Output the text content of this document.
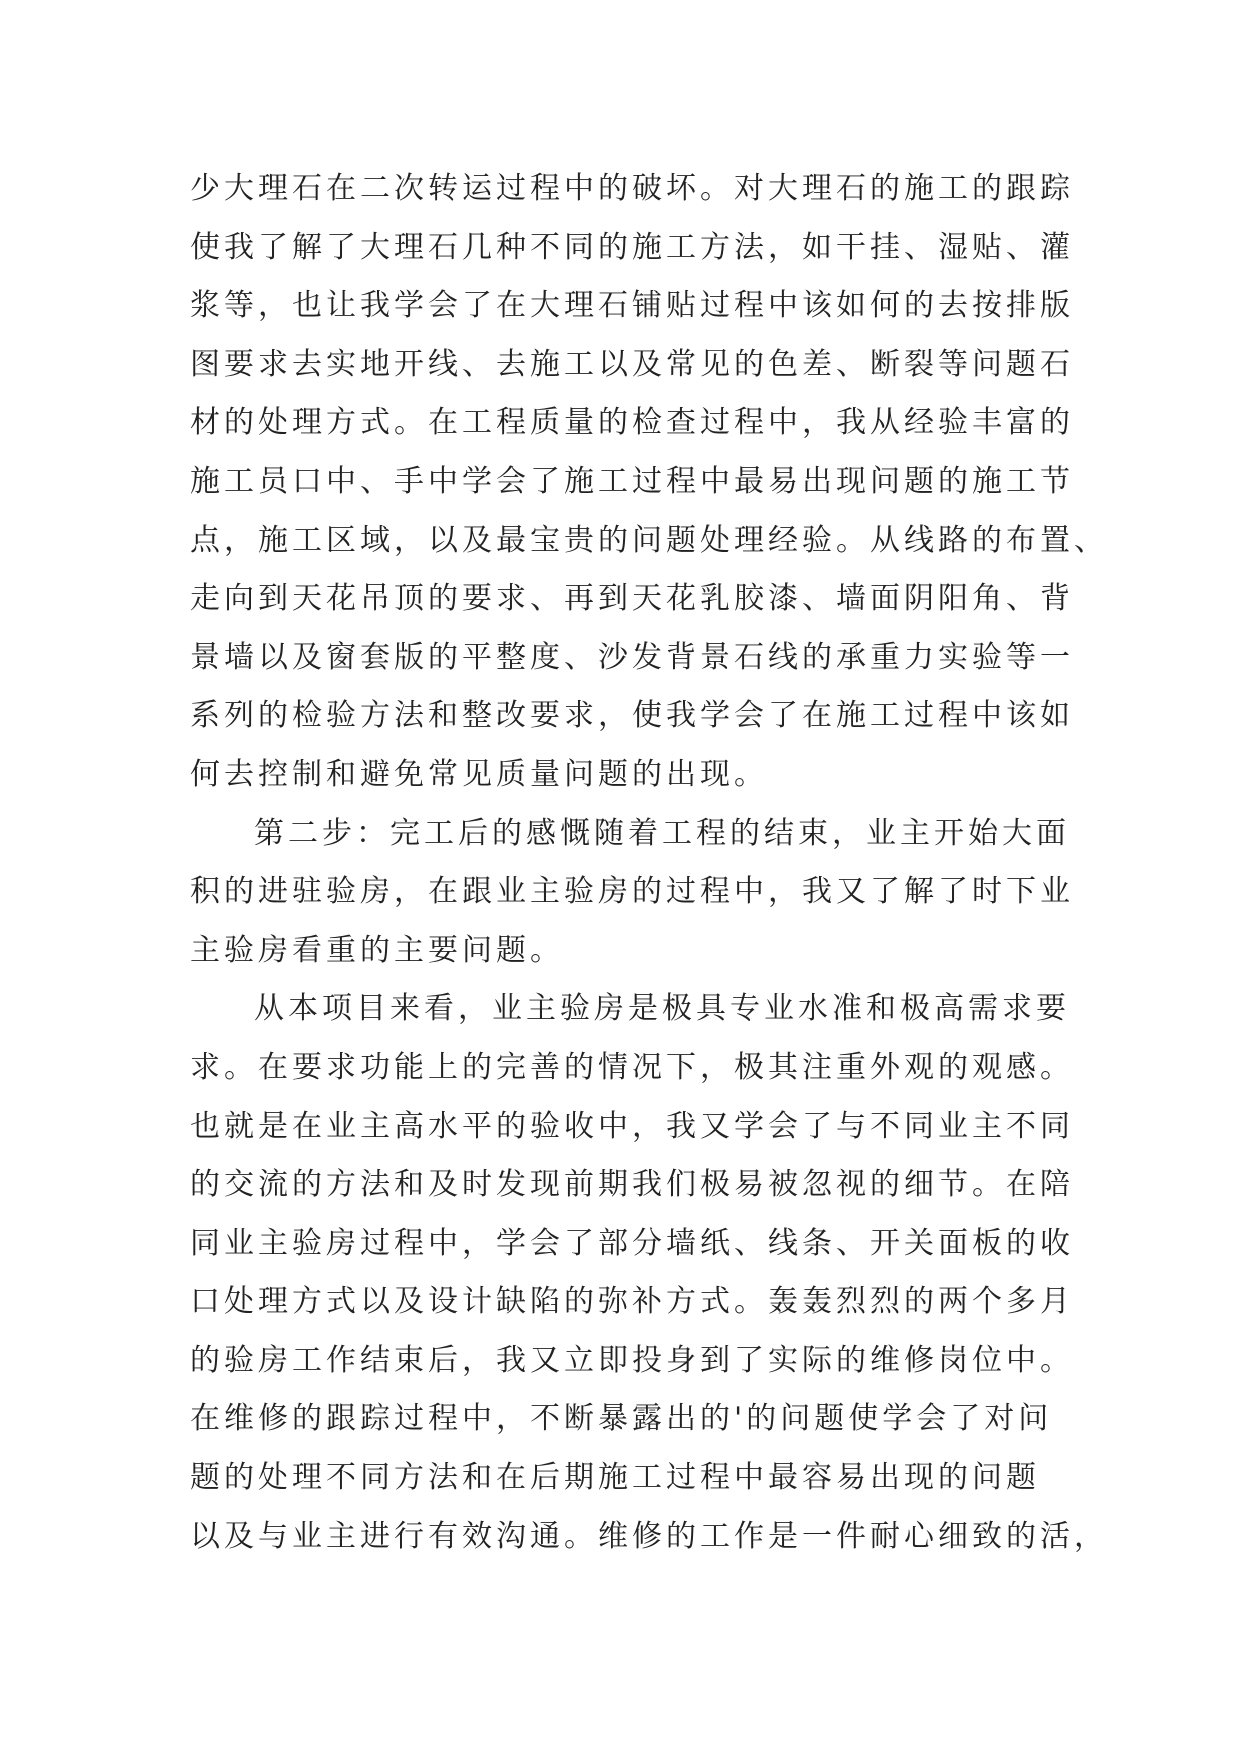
少大理石在二次转运过程中的破坏。对大理石的施工的跟踪
使我了解了大理石几种不同的施工方法，如干挂、湿贴、灌
浆等，也让我学会了在大理石铺贴过程中该如何的去按排版
图要求去实地开线、去施工以及常见的色差、断裂等问题石
材的处理方式。在工程质量的检查过程中，我从经验丰富的
施工员口中、手中学会了施工过程中最易出现问题的施工节
点，施工区域，以及最宝贵的问题处理经验。从线路的布置、
走向到天花吊顶的要求、再到天花乳胶漆、墙面阴阳角、背
景墙以及窗套版的平整度、沙发背景石线的承重力实验等一
系列的检验方法和整改要求，使我学会了在施工过程中该如
何去控制和避免常见质量问题的出现。
第二步：完工后的感慨随着工程的结束，业主开始大面
积的进驻验房，在跟业主验房的过程中，我又了解了时下业
主验房看重的主要问题。
从本项目来看，业主验房是极具专业水准和极高需求要
求。在要求功能上的完善的情况下，极其注重外观的观感。
也就是在业主高水平的验收中，我又学会了与不同业主不同
的交流的方法和及时发现前期我们极易被忽视的细节。在陪
同业主验房过程中，学会了部分墙纸、线条、开关面板的收
口处理方式以及设计缺陷的弥补方式。轰轰烈烈的两个多月
的验房工作结束后，我又立即投身到了实际的维修岗位中。
在维修的跟踪过程中，不断暴露出的'的问题使学会了对问
题的处理不同方法和在后期施工过程中最容易出现的问题
以及与业主进行有效沟通。维修的工作是一件耐心细致的活，
